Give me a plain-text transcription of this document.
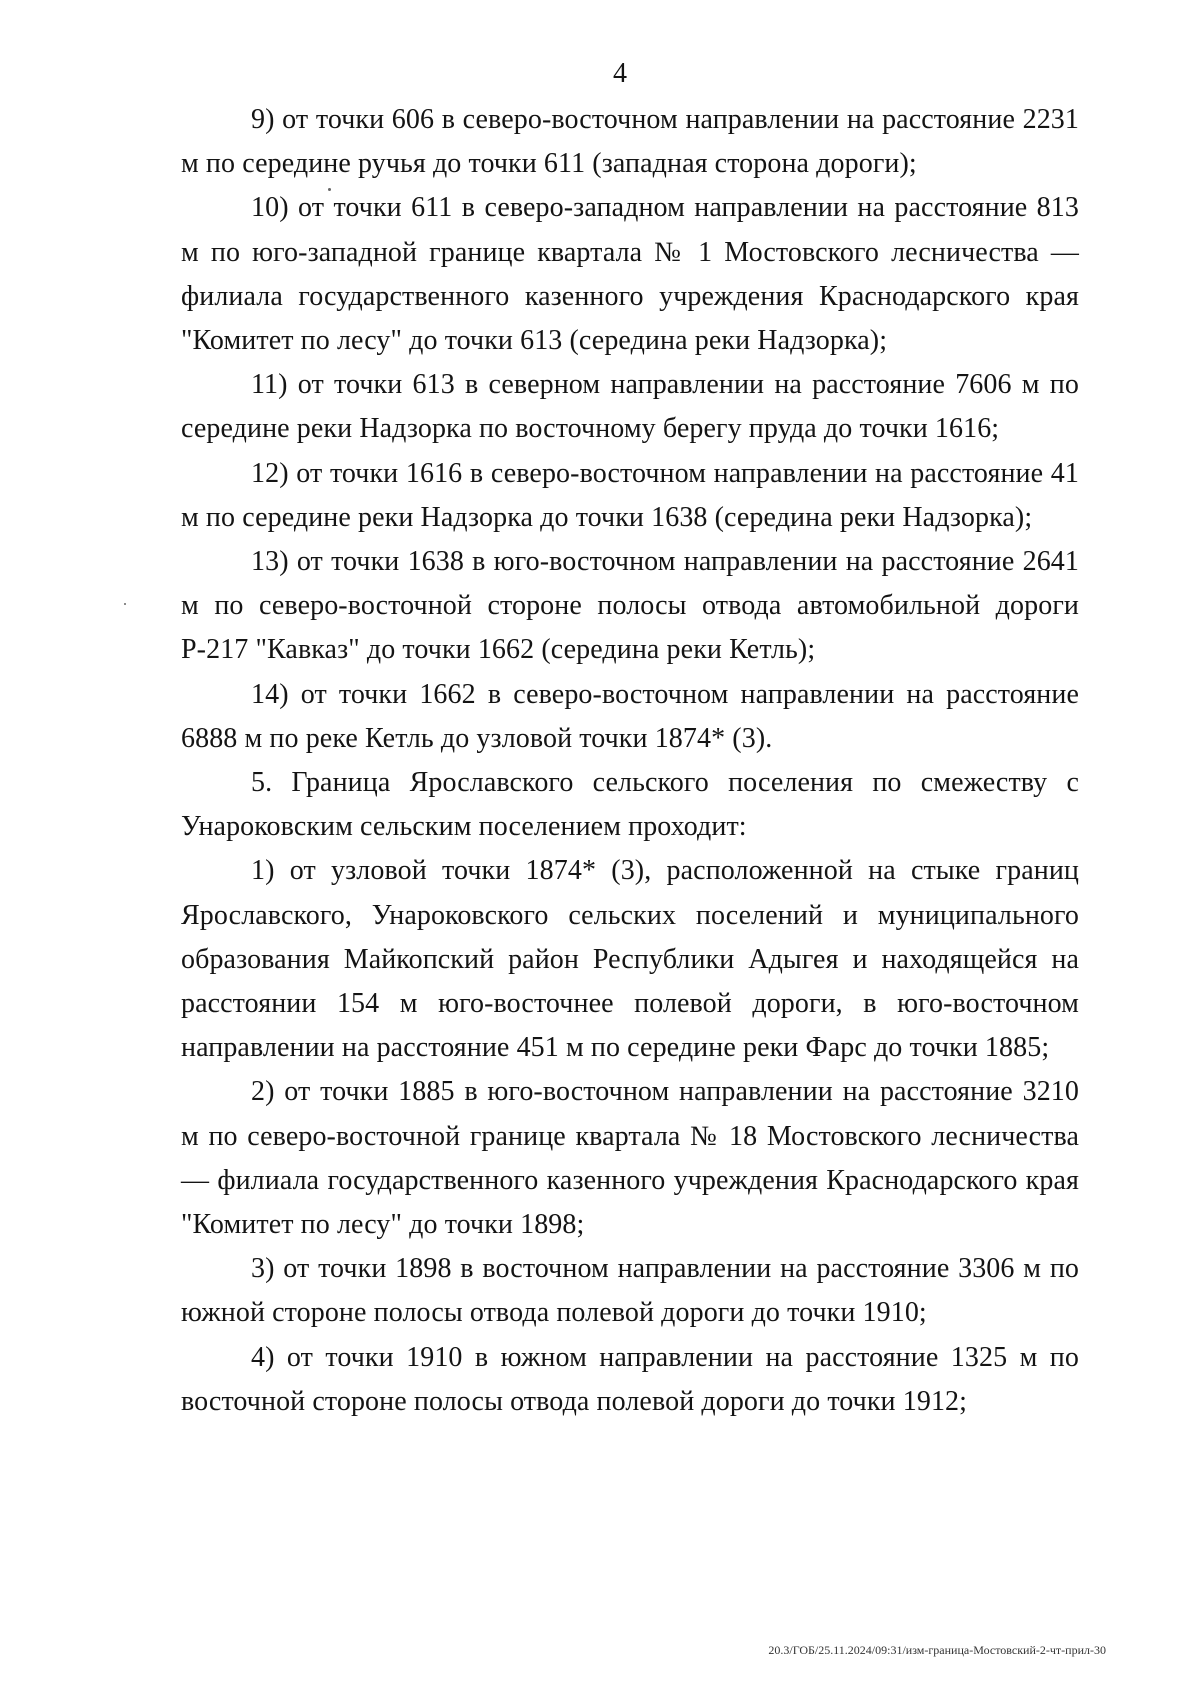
4

9) от точки 606 в северо-восточном направлении на расстояние 2231 м по середине ручья до точки 611 (западная сторона дороги);

10) от точки 611 в северо-западном направлении на расстояние 813 м по юго-западной границе квартала № 1 Мостовского лесничества — филиала государственного казенного учреждения Краснодарского края "Комитет по лесу" до точки 613 (середина реки Надзорка);

11) от точки 613 в северном направлении на расстояние 7606 м по середине реки Надзорка по восточному берегу пруда до точки 1616;

12) от точки 1616 в северо-восточном направлении на расстояние 41 м по середине реки Надзорка до точки 1638 (середина реки Надзорка);

13) от точки 1638 в юго-восточном направлении на расстояние 2641 м по северо-восточной стороне полосы отвода автомобильной дороги Р-217 "Кавказ" до точки 1662 (середина реки Кетль);

14) от точки 1662 в северо-восточном направлении на расстояние 6888 м по реке Кетль до узловой точки 1874* (3).

5. Граница Ярославского сельского поселения по смежеству с Унароковским сельским поселением проходит:

1) от узловой точки 1874* (3), расположенной на стыке границ Ярославского, Унароковского сельских поселений и муниципального образования Майкопский район Республики Адыгея и находящейся на расстоянии 154 м юго-восточнее полевой дороги, в юго-восточном направлении на расстояние 451 м по середине реки Фарс до точки 1885;

2) от точки 1885 в юго-восточном направлении на расстояние 3210 м по северо-восточной границе квартала № 18 Мостовского лесничества — филиала государственного казенного учреждения Краснодарского края "Комитет по лесу" до точки 1898;

3) от точки 1898 в восточном направлении на расстояние 3306 м по южной стороне полосы отвода полевой дороги до точки 1910;

4) от точки 1910 в южном направлении на расстояние 1325 м по восточной стороне полосы отвода полевой дороги до точки 1912;

20.3/ГОБ/25.11.2024/09:31/изм-граница-Мостовский-2-чт-прил-30
